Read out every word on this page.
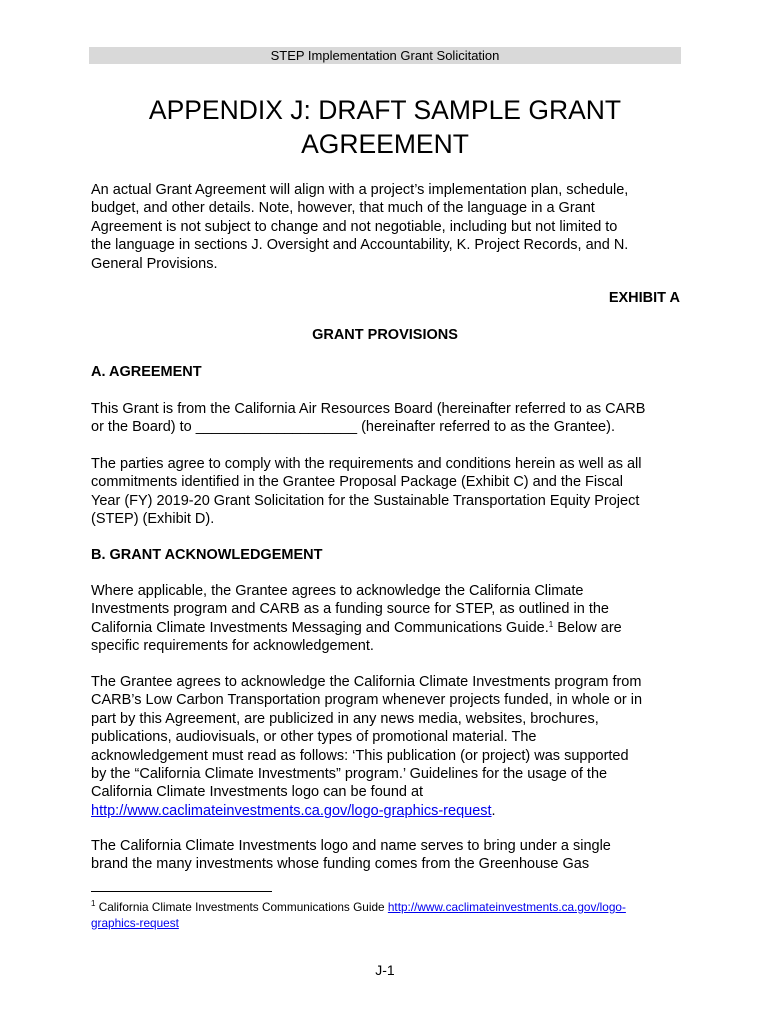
STEP Implementation Grant Solicitation
APPENDIX J: DRAFT SAMPLE GRANT
AGREEMENT
An actual Grant Agreement will align with a project’s implementation plan, schedule,
budget, and other details. Note, however, that much of the language in a Grant
Agreement is not subject to change and not negotiable, including but not limited to
the language in sections J. Oversight and Accountability, K. Project Records, and N.
General Provisions.
EXHIBIT A
GRANT PROVISIONS
A. AGREEMENT
This Grant is from the California Air Resources Board (hereinafter referred to as CARB
or the Board) to ____________________ (hereinafter referred to as the Grantee).
The parties agree to comply with the requirements and conditions herein as well as all
commitments identified in the Grantee Proposal Package (Exhibit C) and the Fiscal
Year (FY) 2019-20 Grant Solicitation for the Sustainable Transportation Equity Project
(STEP) (Exhibit D).
B. GRANT ACKNOWLEDGEMENT
Where applicable, the Grantee agrees to acknowledge the California Climate
Investments program and CARB as a funding source for STEP, as outlined in the
California Climate Investments Messaging and Communications Guide.$^1$ Below are
specific requirements for acknowledgement.
The Grantee agrees to acknowledge the California Climate Investments program from
CARB’s Low Carbon Transportation program whenever projects funded, in whole or in
part by this Agreement, are publicized in any news media, websites, brochures,
publications, audiovisuals, or other types of promotional material. The
acknowledgement must read as follows: ‘This publication (or project) was supported
by the “California Climate Investments” program.’ Guidelines for the usage of the
California Climate Investments logo can be found at
http://www.caclimateinvestments.ca.gov/logo-graphics-request.
The California Climate Investments logo and name serves to bring under a single
brand the many investments whose funding comes from the Greenhouse Gas
$^1$ California Climate Investments Communications Guide http://www.caclimateinvestments.ca.gov/logo-
graphics-request
J-1
